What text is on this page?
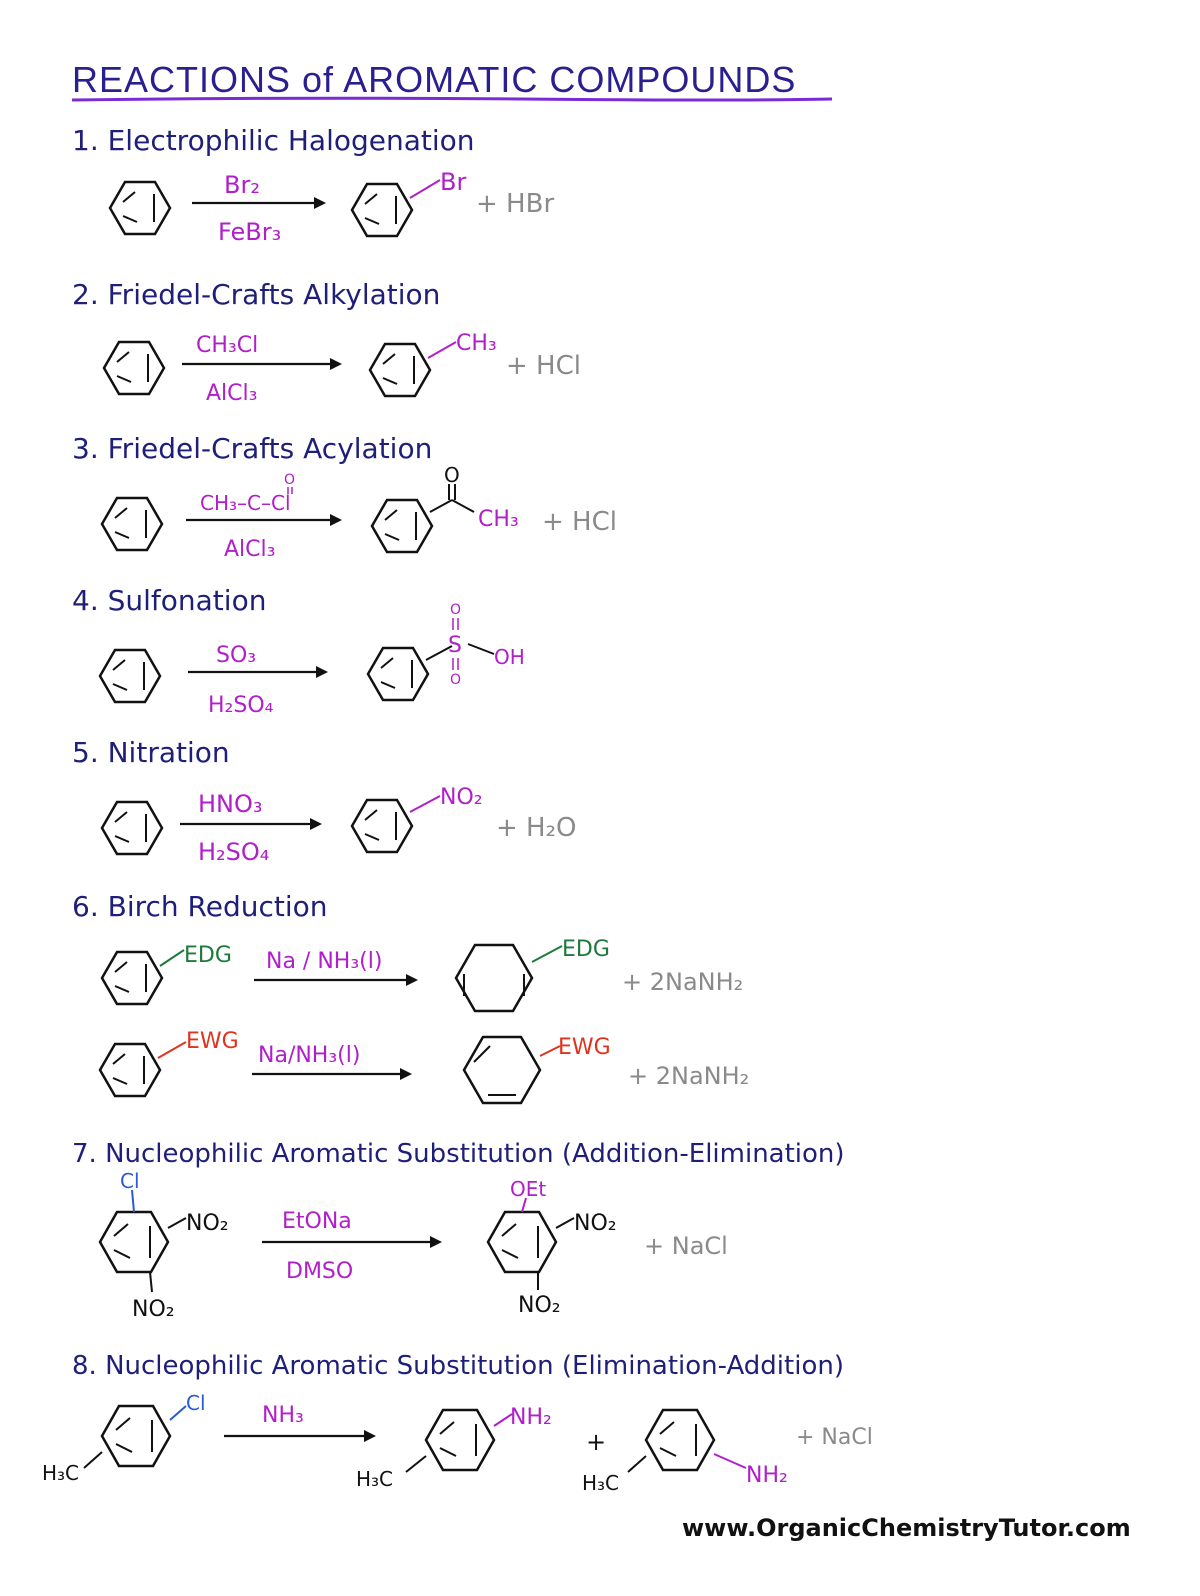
REACTIONS of AROMATIC COMPOUNDS
1. Electrophilic Halogenation
Br₂
FeBr₃
Br
+ HBr
2. Friedel-Crafts Alkylation
CH₃Cl
AlCl₃
CH₃
+ HCl
3. Friedel-Crafts Acylation
O
CH₃–C–Cl
AlCl₃
O
CH₃ + HCl
4. Sulfonation
SO₃
H₂SO₄
O
S
O
OH
5. Nitration
HNO₃
H₂SO₄
NO₂
+ H₂O
6. Birch Reduction
EDG Na / NH₃(l)	EDG
+ 2NaNH₂
EWG
Na/NH₃(l)	EWG
+ 2NaNH₂
7. Nucleophilic Aromatic Substitution (Addition-Elimination)
Cl
NO₂
NO₂
EtONa
DMSO
OEt
NO₂
NO₂
+ NaCl
8. Nucleophilic Aromatic Substitution (Elimination-Addition)
Cl
H₃C
NH₃	NH₂
H₃C
+
NH₂
H₃C
+ NaCl
www.OrganicChemistryTutor.com
